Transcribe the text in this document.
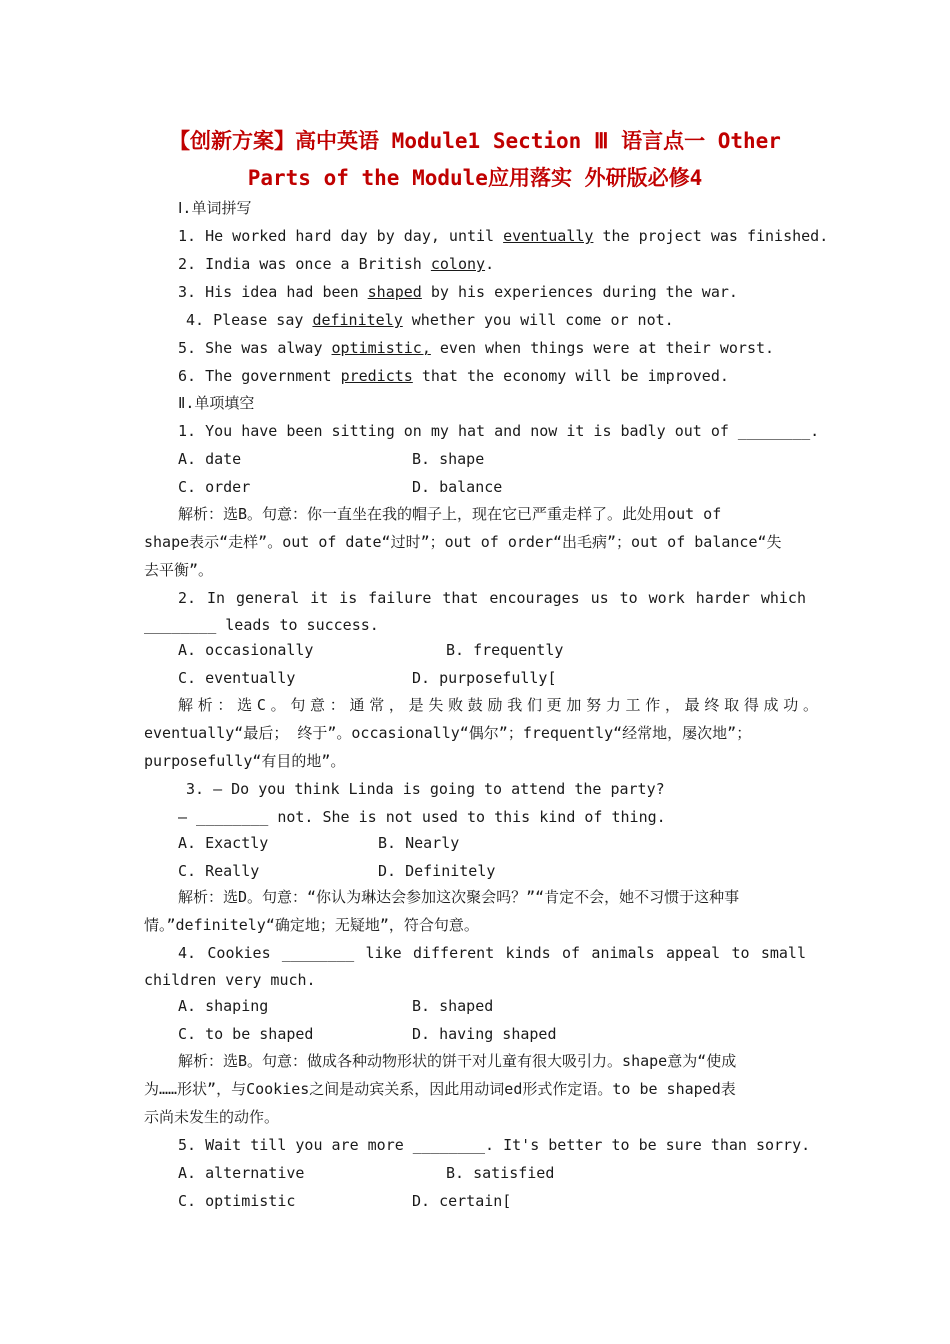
【创新方案】高中英语 Module1 Section Ⅲ 语言点一 Other
Parts of the Module应用落实 外研版必修4
Ⅰ.单词拼写
1. He worked hard day by day, until eventually the project was finished.
2. India was once a British colony.
3. His idea had been shaped by his experiences during the war.
4. Please say definitely whether you will come or not.
5. She was alway optimistic, even when things were at their worst.
6. The government predicts that the economy will be improved.
Ⅱ.单项填空
1. You have been sitting on my hat and now it is badly out of ________.
A. date	B. shape
C. order	D. balance
解析：选B。句意：你一直坐在我的帽子上，现在它已严重走样了。此处用out of
shape表示“走样”。out of date“过时”；out of order“出毛病”；out of balance“失
去平衡”。
2. In general it is failure that encourages us to work harder which
________ leads to success.
A. occasionally	B. frequently
C. eventually	D. purposefully[
解析：选C。句意：通常，是失败鼓励我们更加努力工作，最终取得成功。
eventually“最后； 终于”。occasionally“偶尔”；frequently“经常地，屡次地”；
purposefully“有目的地”。
3. — Do you think Linda is going to attend the party?
— ________ not. She is not used to this kind of thing.
A. Exactly	B. Nearly
C. Really	D. Definitely
解析：选D。句意：“你认为琳达会参加这次聚会吗？”“肯定不会，她不习惯于这种事
情。”definitely“确定地；无疑地”，符合句意。
4. Cookies ________ like different kinds of animals appeal to small
children very much.
A. shaping	B. shaped
C. to be shaped	D. having shaped
解析：选B。句意：做成各种动物形状的饼干对儿童有很大吸引力。shape意为“使成
为……形状”，与Cookies之间是动宾关系，因此用动词ed形式作定语。to be shaped表
示尚未发生的动作。
5. Wait till you are more ________. It's better to be sure than sorry.
A. alternative	B. satisfied
C. optimistic	D. certain[
